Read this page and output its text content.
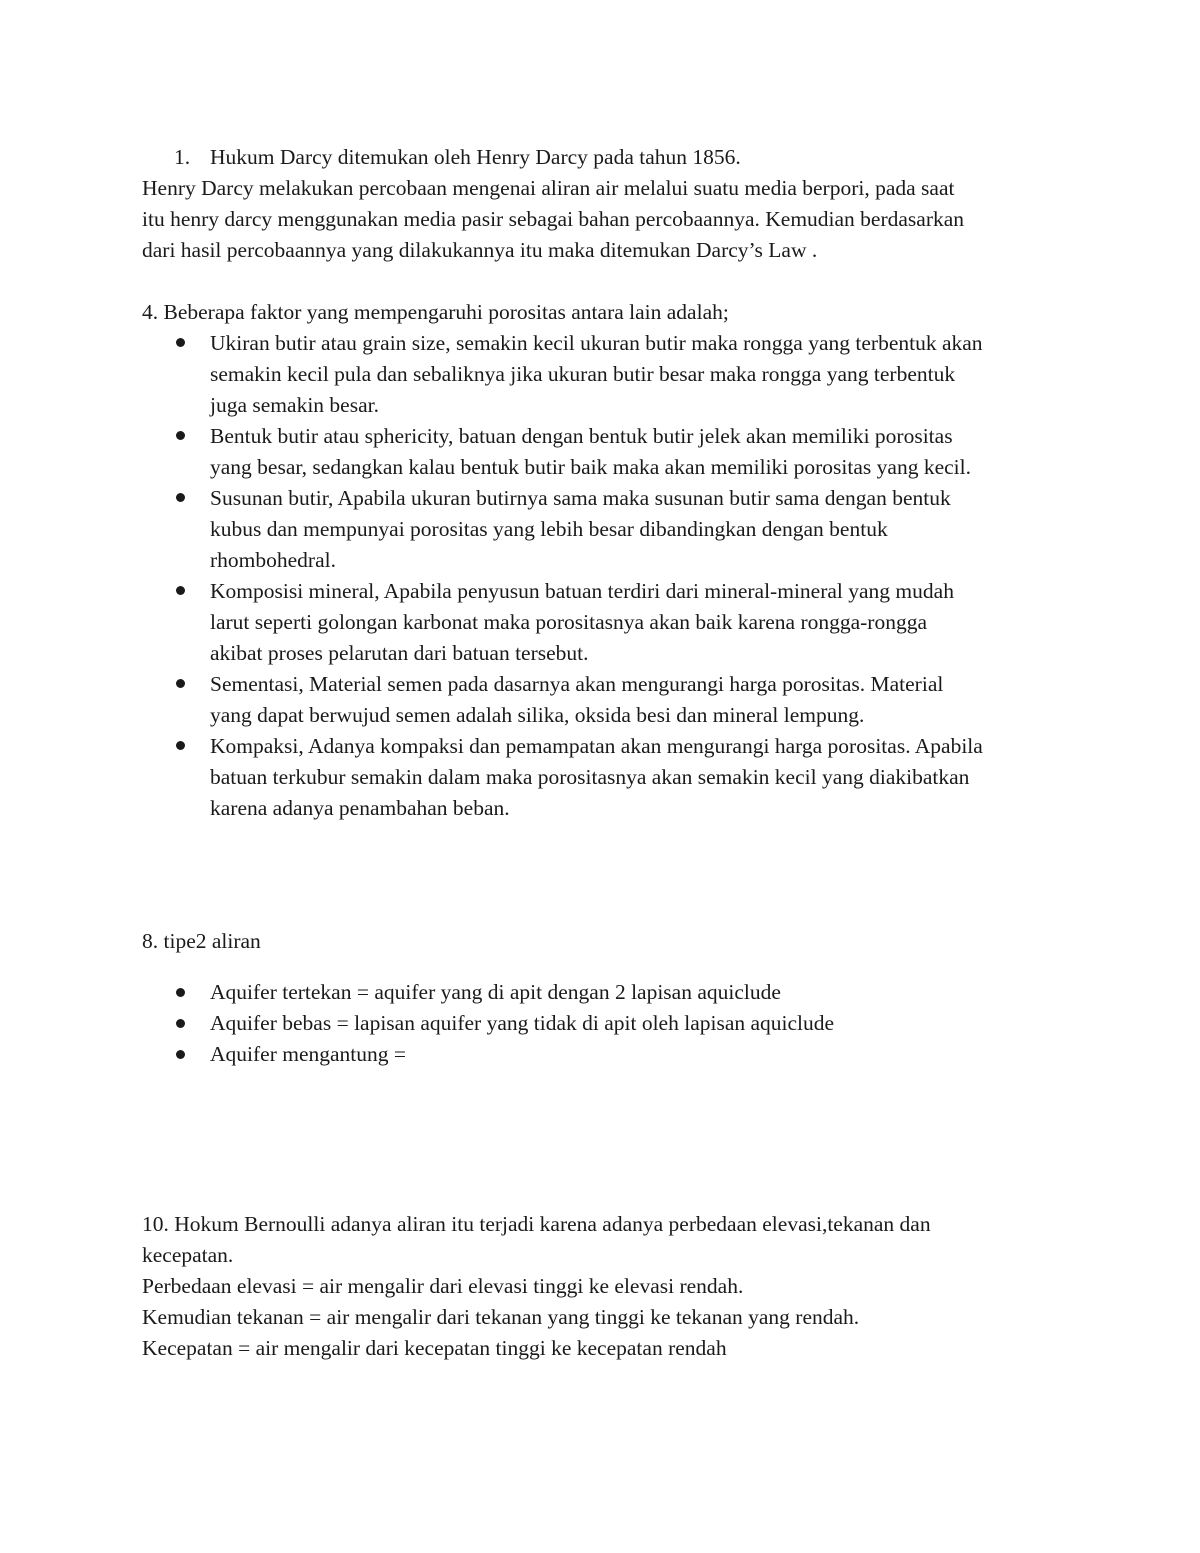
1. Hukum Darcy ditemukan oleh Henry Darcy pada tahun 1856.
Henry Darcy melakukan percobaan mengenai aliran air melalui suatu media berpori, pada saat
itu henry darcy menggunakan media pasir sebagai bahan percobaannya. Kemudian berdasarkan
dari hasil percobaannya yang dilakukannya itu maka ditemukan Darcy’s Law .
4. Beberapa faktor yang mempengaruhi porositas antara lain adalah;
Ukiran butir atau grain size, semakin kecil ukuran butir maka rongga yang terbentuk akan
semakin kecil pula dan sebaliknya jika ukuran butir besar maka rongga yang terbentuk
juga semakin besar.
Bentuk butir atau sphericity, batuan dengan bentuk butir jelek akan memiliki porositas
yang besar, sedangkan kalau bentuk butir baik maka akan memiliki porositas yang kecil.
Susunan butir, Apabila ukuran butirnya sama maka susunan butir sama dengan bentuk
kubus dan mempunyai porositas yang lebih besar dibandingkan dengan bentuk
rhombohedral.
Komposisi mineral, Apabila penyusun batuan terdiri dari mineral-mineral yang mudah
larut seperti golongan karbonat maka porositasnya akan baik karena rongga-rongga
akibat proses pelarutan dari batuan tersebut.
Sementasi, Material semen pada dasarnya akan mengurangi harga porositas. Material
yang dapat berwujud semen adalah silika, oksida besi dan mineral lempung.
Kompaksi, Adanya kompaksi dan pemampatan akan mengurangi harga porositas. Apabila
batuan terkubur semakin dalam maka porositasnya akan semakin kecil yang diakibatkan
karena adanya penambahan beban.
8. tipe2 aliran
Aquifer tertekan = aquifer yang di apit dengan 2 lapisan aquiclude
Aquifer bebas = lapisan aquifer yang tidak di apit oleh lapisan aquiclude
Aquifer mengantung =
10. Hokum Bernoulli adanya aliran itu terjadi karena adanya perbedaan elevasi,tekanan dan
kecepatan.
Perbedaan elevasi = air mengalir dari elevasi tinggi ke elevasi rendah.
Kemudian tekanan = air mengalir dari tekanan yang tinggi ke tekanan yang rendah.
Kecepatan = air mengalir dari kecepatan tinggi ke kecepatan rendah
